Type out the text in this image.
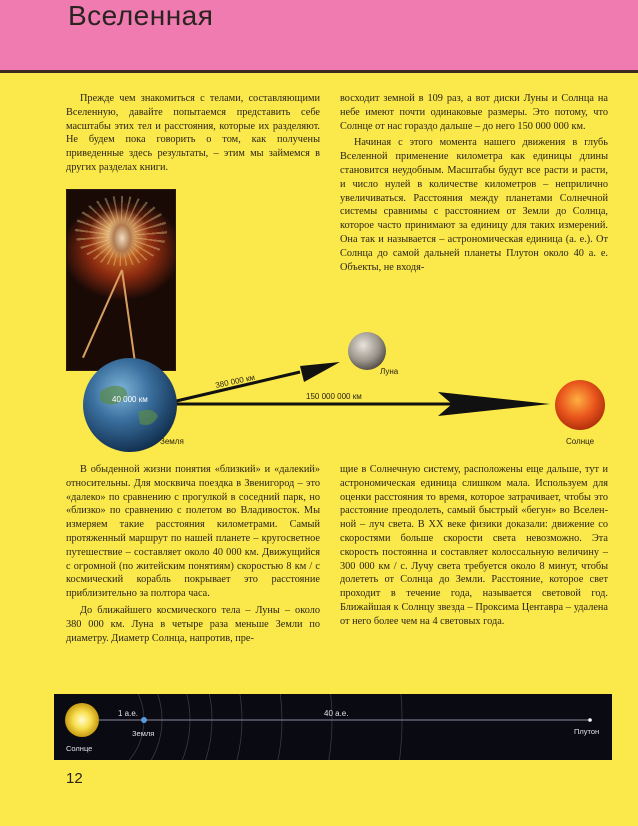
Вселенная

Прежде чем знакомиться с телами, составляющими Вселенную, давайте попытаемся представить себе масштабы этих тел и расстояния, которые их разделяют. Не будем пока говорить о том, как получены приведенные здесь результаты, – этим мы займемся в других разделах книги.

восходит земной в 109 раз, а вот диски Луны и Солнца на небе имеют почти одинаковые размеры. Это потому, что Солнце от нас гораздо дальше – до него 150 000 000 км.

Начиная с этого момента нашего движения в глубь Вселенной применение километра как единицы длины становится неудобным. Масштабы будут все расти и расти, и число нулей в количестве километров – неприлично увеличиваться. Расстояния между планетами Солнечной системы сравнимы с расстоянием от Земли до Солнца, которое часто принимают за единицу для таких измерений. Она так и называется – астрономическая единица (а. е.). От Солнца до самой дальней планеты Плутон около 40 а. е. Объекты, не входя-

40 000 км
Земля
Луна
Солнце
380 000 км
150 000 000 км

В обыденной жизни понятия «близкий» и «далекий» относительны. Для москвича поездка в Звенигород – это «далеко» по сравнению с прогулкой в соседний парк, но «близко» по сравнению с полетом во Владивосток. Мы измеряем такие расстояния километрами. Самый протяженный маршрут по нашей планете – кругосветное путешествие – составляет около 40 000 км. Движущийся с огромной (по житейским понятиям) скоростью 8 км / с космический корабль покрывает это расстояние приблизительно за полтора часа.

До ближайшего космического тела – Луны – около 380 000 км. Луна в четыре раза меньше Земли по диаметру. Диаметр Солнца, напротив, пре-

щие в Солнечную систему, расположены еще дальше, тут и астрономическая единица слишком мала. Используем для оценки расстояния то время, которое затрачивает, чтобы это расстояние преодолеть, самый быстрый «бегун» во Вселенной – луч света. В XX веке физики доказали: движение со скоростями больше скорости света невозможно. Эта скорость постоянна и составляет колоссальную величину – 300 000 км / с. Лучу света требуется около 8 минут, чтобы долететь от Солнца до Земли. Расстояние, которое свет проходит в течение года, называется световой год. Ближайшая к Солнцу звезда – Проксима Центавра – удалена от него более чем на 4 световых года.

1 а.е.	40 а.е.
Солнце
Земля	Плутон
12
